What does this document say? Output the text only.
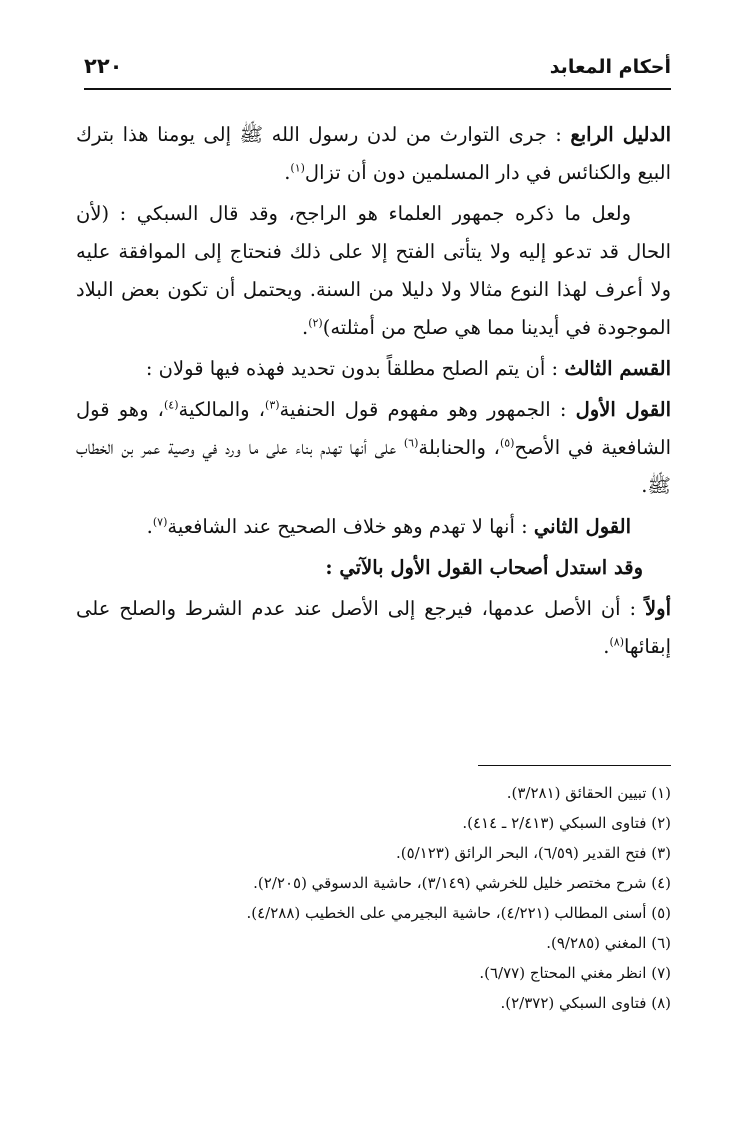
أحكام المعابد
٢٢٠

الدليل الرابع : جرى التوارث من لدن رسول الله ﷺ إلى يومنا هذا بترك البيع والكنائس في دار المسلمين دون أن تزال$^{(١)}$.

ولعل ما ذكره جمهور العلماء هو الراجح، وقد قال السبكي : (لأن الحال قد تدعو إليه ولا يتأتى الفتح إلا على ذلك فنحتاج إلى الموافقة عليه ولا أعرف لهذا النوع مثالا ولا دليلا من السنة. ويحتمل أن تكون بعض البلاد الموجودة في أيدينا مما هي صلح من أمثلته)$^{(٢)}$.

القسم الثالث : أن يتم الصلح مطلقاً بدون تحديد فهذه فيها قولان :

القول الأول : الجمهور وهو مفهوم قول الحنفية$^{(٣)}$، والمالكية$^{(٤)}$، وهو قول الشافعية في الأصح$^{(٥)}$، والحنابلة$^{(٦)}$ على أنها تهدم بناء على ما ورد في وصية عمر بن الخطاب ﷺ.

القول الثاني : أنها لا تهدم وهو خلاف الصحيح عند الشافعية$^{(٧)}$.

وقد استدل أصحاب القول الأول بالآتي :

أولاً : أن الأصل عدمها، فيرجع إلى الأصل عند عدم الشرط والصلح على إبقائها$^{(٨)}$.

(١) تبيين الحقائق (٣/٢٨١).
(٢) فتاوى السبكي (٢/٤١٣ ـ ٤١٤).
(٣) فتح القدير (٦/٥٩)، البحر الرائق (٥/١٢٣).
(٤) شرح مختصر خليل للخرشي (٣/١٤٩)، حاشية الدسوقي (٢/٢٠٥).
(٥) أسنى المطالب (٤/٢٢١)، حاشية البجيرمي على الخطيب (٤/٢٨٨).
(٦) المغني (٩/٢٨٥).
(٧) انظر مغني المحتاج (٦/٧٧).
(٨) فتاوى السبكي (٢/٣٧٢).
